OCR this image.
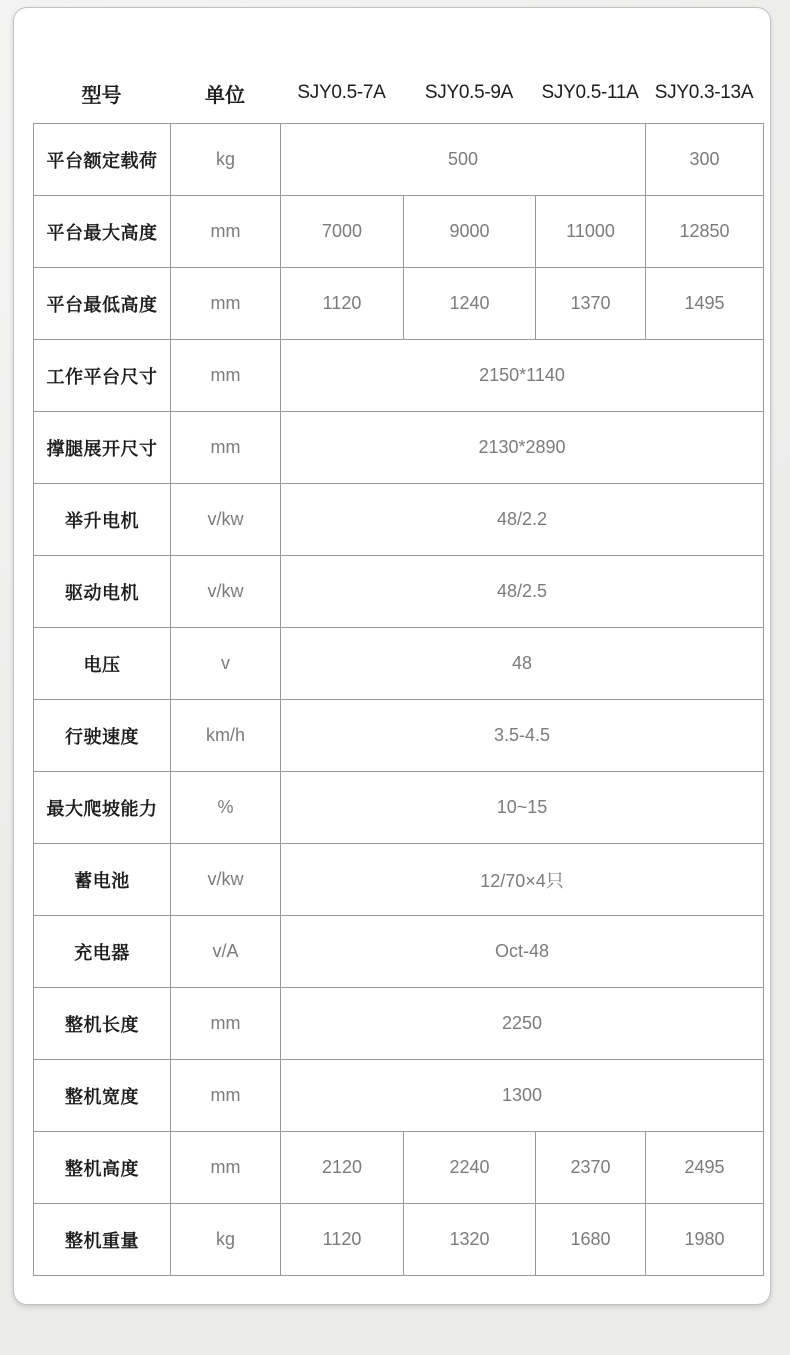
型号	单位	SJY0.5-7A	SJY0.5-9A	SJY0.5-11A	SJY0.3-13A
平台额定载荷	kg	500			300
平台最大高度	mm	7000	9000	11000	12850
平台最低高度	mm	1120	1240	1370	1495
工作平台尺寸	mm	2150*1140			
撑腿展开尺寸	mm	2130*2890			
举升电机	v/kw	48/2.2			
驱动电机	v/kw	48/2.5			
电压	v	48			
行驶速度	km/h	3.5-4.5			
最大爬坡能力	%	10~15			
蓄电池	v/kw	12/70×4只			
充电器	v/A	Oct-48			
整机长度	mm	2250			
整机宽度	mm	1300			
整机高度	mm	2120	2240	2370	2495
整机重量	kg	1120	1320	1680	1980
